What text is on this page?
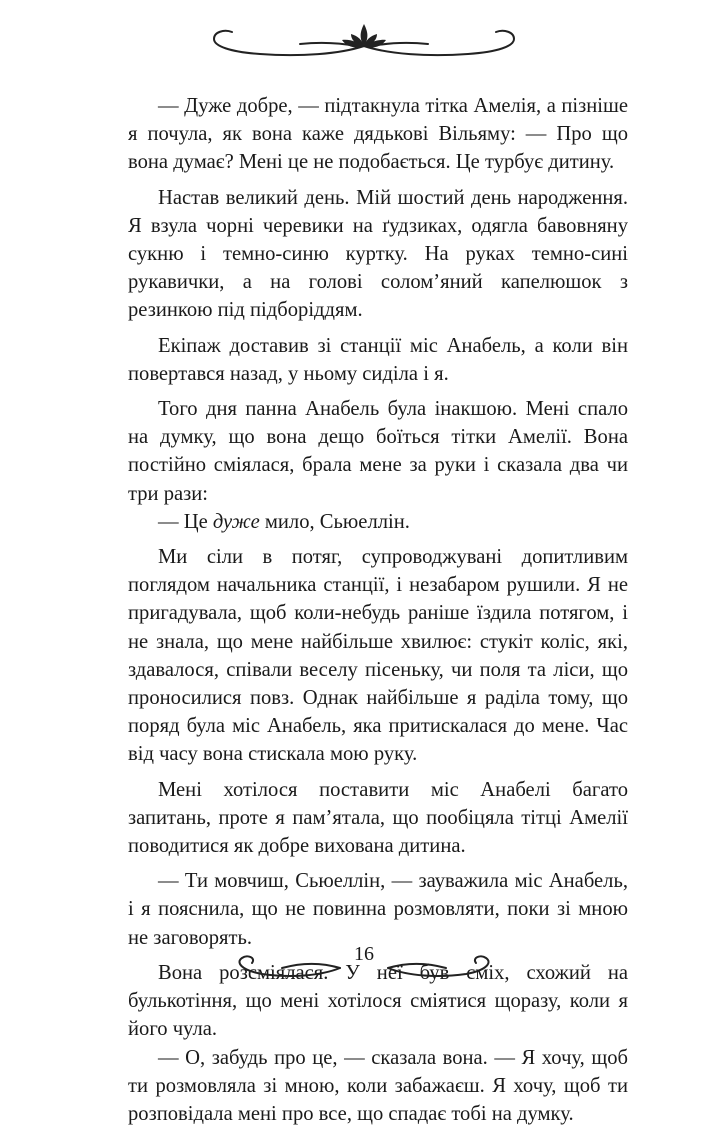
— Дуже добре, — підтакнула тітка Амелія, а пізніше я почула, як вона каже дядькові Вільяму: — Про що вона думає? Мені це не подобається. Це турбує дитину.

Настав великий день. Мій шостий день народження. Я взула чорні черевики на ґудзиках, одягла бавовняну сукню і темно-синю куртку. На руках темно-сині рукавички, а на голові солом’яний капелюшок з резинкою під підборіддям.

Екіпаж доставив зі станції міс Анабель, а коли він повертався назад, у ньому сиділа і я.

Того дня панна Анабель була інакшою. Мені спало на думку, що вона дещо боїться тітки Амелії. Вона постійно сміялася, брала мене за руки і сказала два чи три рази:

— Це дуже мило, Сьюеллін.

Ми сіли в потяг, супроводжувані допитливим поглядом начальника станції, і незабаром рушили. Я не пригадувала, щоб коли-небудь раніше їздила потягом, і не знала, що мене найбільше хвилює: стукіт коліс, які, здавалося, співали веселу пісеньку, чи поля та ліси, що проносилися повз. Однак найбільше я раділа тому, що поряд була міс Анабель, яка притискалася до мене. Час від часу вона стискала мою руку.

Мені хотілося поставити міс Анабелі багато запитань, проте я пам’ятала, що пообіцяла тітці Амелії поводитися як добре вихована дитина.

— Ти мовчиш, Сьюеллін, — зауважила міс Анабель, і я пояснила, що не повинна розмовляти, поки зі мною не заговорять.

Вона розсміялася. У неї був сміх, схожий на булькотіння, що мені хотілося сміятися щоразу, коли я його чула.

— О, забудь про це, — сказала вона. — Я хочу, щоб ти розмовляла зі мною, коли забажаєш. Я хочу, щоб ти розповідала мені про все, що спадає тобі на думку.

16
